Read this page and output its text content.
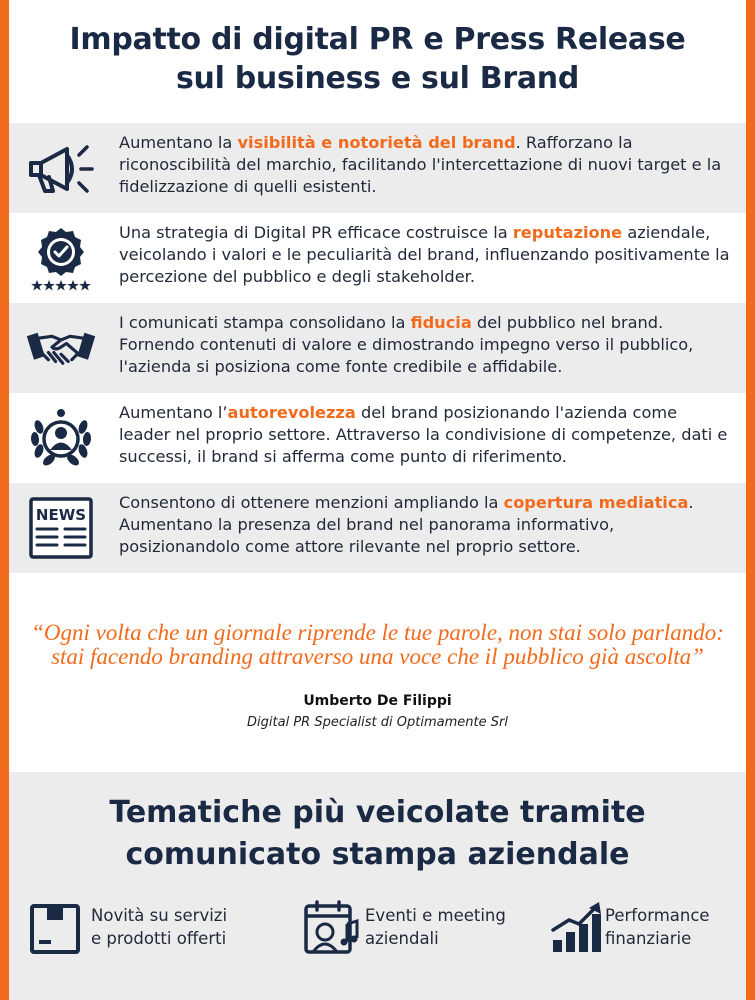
Impatto di digital PR e Press Release
sul business e sul Brand
Aumentano la visibilità e notorietà del brand. Rafforzano la riconoscibilità del marchio, facilitando l'intercettazione di nuovi target e la fidelizzazione di quelli esistenti.
Una strategia di Digital PR efficace costruisce la reputazione aziendale, veicolando i valori e le peculiarità del brand, influenzando positivamente la percezione del pubblico e degli stakeholder.
I comunicati stampa consolidano la fiducia del pubblico nel brand. Fornendo contenuti di valore e dimostrando impegno verso il pubblico, l'azienda si posiziona come fonte credibile e affidabile.
Aumentano l’autorevolezza del brand posizionando l'azienda come leader nel proprio settore. Attraverso la condivisione di competenze, dati e successi, il brand si afferma come punto di riferimento.
NEWS
Consentono di ottenere menzioni ampliando la copertura mediatica. Aumentano la presenza del brand nel panorama informativo, posizionandolo come attore rilevante nel proprio settore.
“Ogni volta che un giornale riprende le tue parole, non stai solo parlando: stai facendo branding attraverso una voce che il pubblico già ascolta”
Umberto De Filippi
Digital PR Specialist di Optimamente Srl
Tematiche più veicolate tramite
comunicato stampa aziendale
Novità su servizi
e prodotti offerti
Eventi e meeting
aziendali
Performance
finanziarie
